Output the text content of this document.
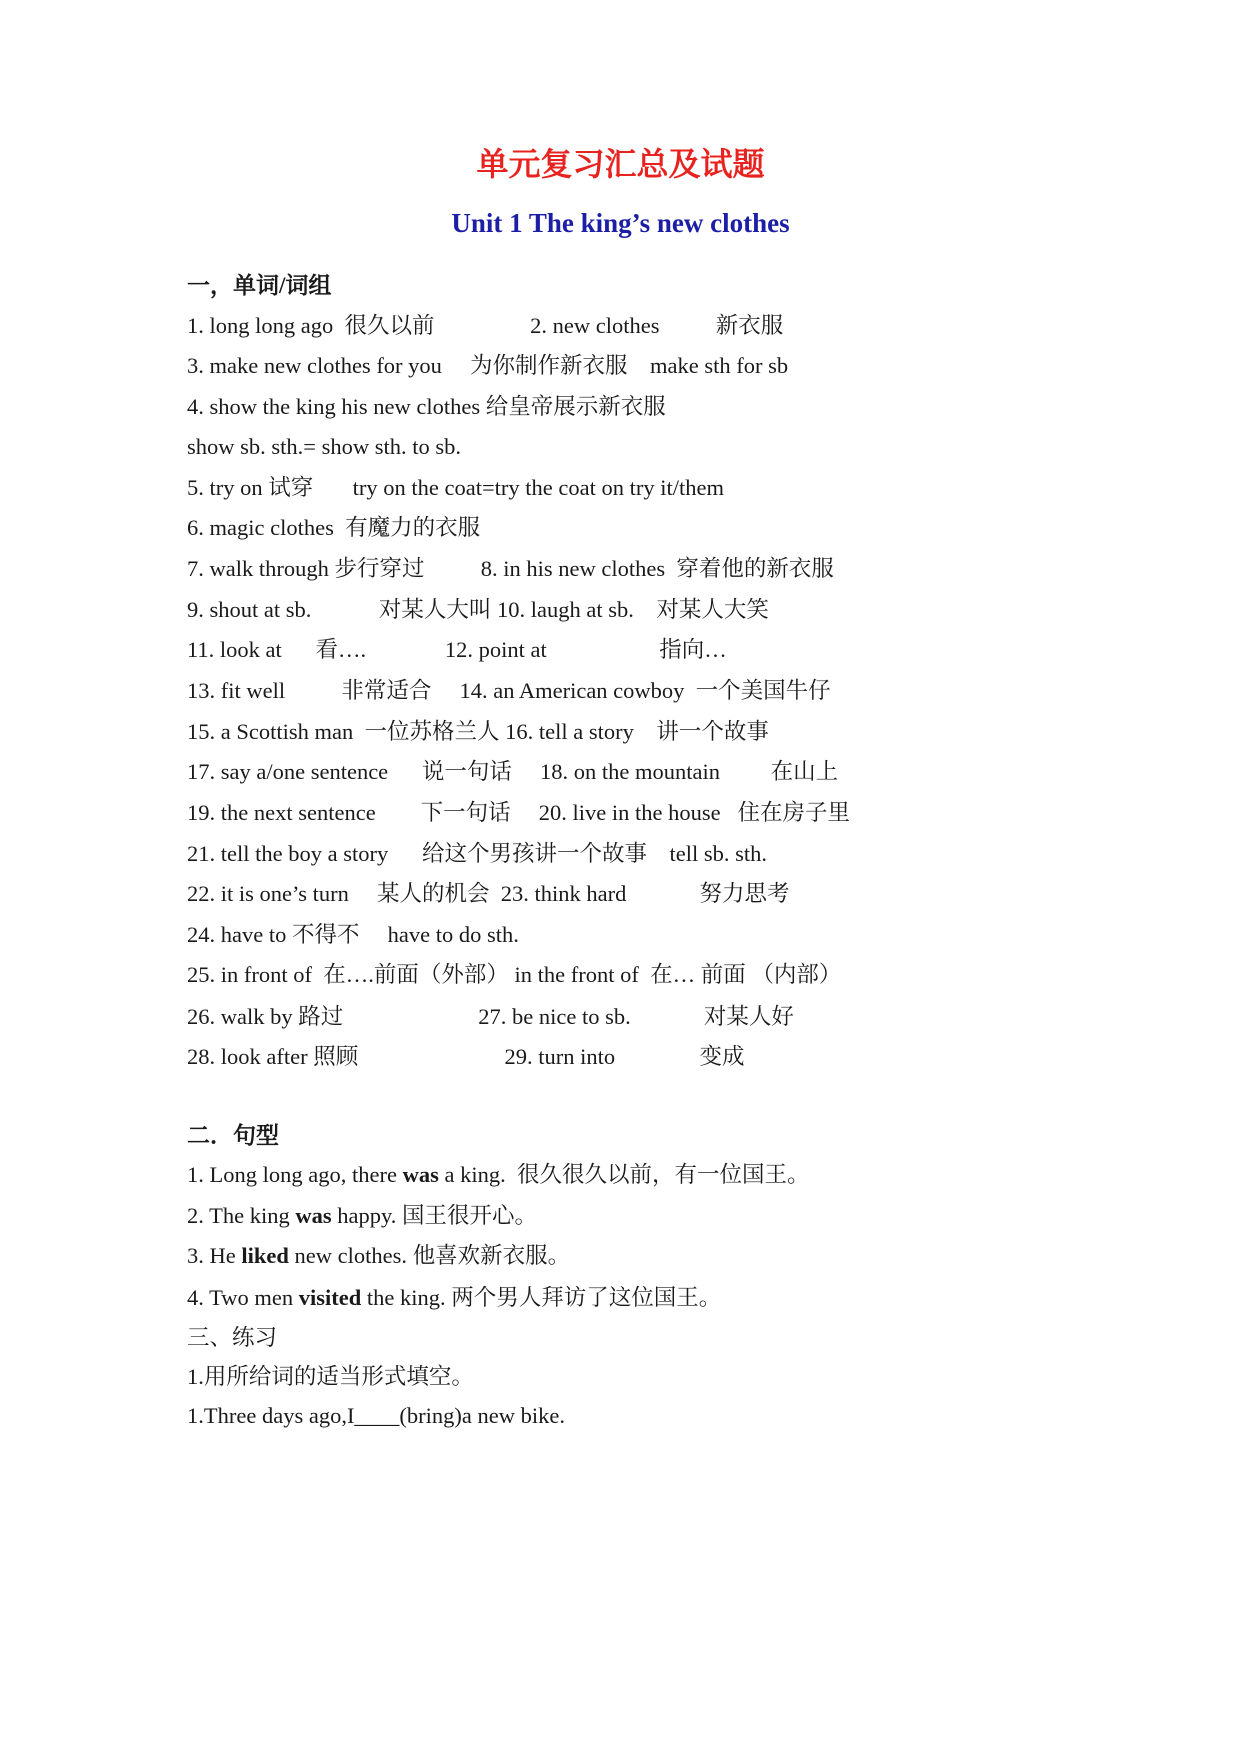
单元复习汇总及试题
Unit 1 The king’s new clothes
一，单词/词组
1. long long ago  很久以前                 2. new clothes          新衣服
3. make new clothes for you     为你制作新衣服    make sth for sb
4. show the king his new clothes 给皇帝展示新衣服
show sb. sth.= show sth. to sb.
5. try on 试穿       try on the coat=try the coat on try it/them
6. magic clothes  有魔力的衣服
7. walk through 步行穿过          8. in his new clothes  穿着他的新衣服
9. shout at sb.            对某人大叫 10. laugh at sb.    对某人大笑
11. look at      看….              12. point at                    指向…
13. fit well          非常适合     14. an American cowboy  一个美国牛仔
15. a Scottish man  一位苏格兰人 16. tell a story    讲一个故事
17. say a/one sentence      说一句话     18. on the mountain         在山上
19. the next sentence        下一句话     20. live in the house   住在房子里
21. tell the boy a story      给这个男孩讲一个故事    tell sb. sth.
22. it is one’s turn     某人的机会  23. think hard             努力思考
24. have to 不得不     have to do sth.
25. in front of  在….前面（外部） in the front of  在… 前面 （内部）
26. walk by 路过                        27. be nice to sb.             对某人好
28. look after 照顾                          29. turn into               变成
二．句型
1. Long long ago, there was a king.  很久很久以前，有一位国王。
2. The king was happy. 国王很开心。
3. He liked new clothes. 他喜欢新衣服。
4. Two men visited the king. 两个男人拜访了这位国王。
三、练习
1.用所给词的适当形式填空。
1.Three days ago,I____(bring)a new bike.
